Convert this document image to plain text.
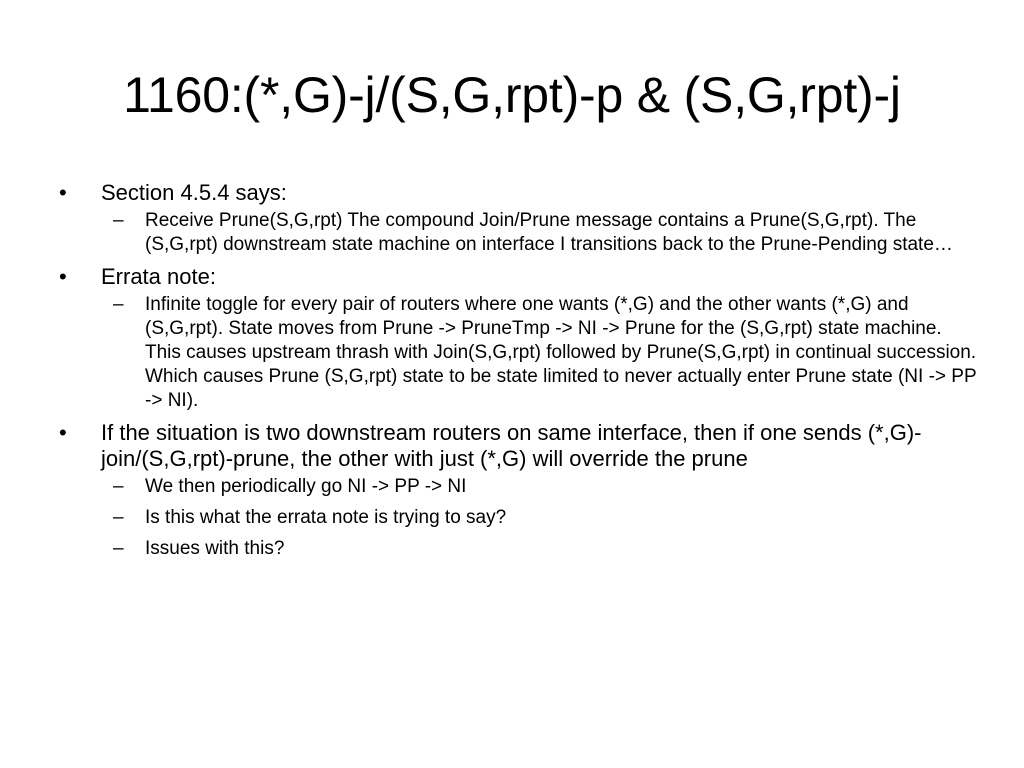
1160:(*,G)-j/(S,G,rpt)-p & (S,G,rpt)-j
•	Section 4.5.4 says:
–	Receive Prune(S,G,rpt) The compound Join/Prune message contains a Prune(S,G,rpt). The (S,G,rpt) downstream state machine on interface I transitions back to the Prune-Pending state…
•	Errata note:
–	Infinite toggle for every pair of routers where one wants (*,G) and the other wants (*,G) and (S,G,rpt). State moves from Prune -> PruneTmp -> NI -> Prune for the (S,G,rpt) state machine. This causes upstream thrash with Join(S,G,rpt) followed by Prune(S,G,rpt) in continual succession. Which causes Prune (S,G,rpt) state to be state limited to never actually enter Prune state (NI -> PP -> NI).
•	If the situation is two downstream routers on same interface, then if one sends (*,G)-join/(S,G,rpt)-prune, the other with just (*,G) will override the prune
–	We then periodically go NI -> PP -> NI
–	Is this what the errata note is trying to say?
–	Issues with this?
